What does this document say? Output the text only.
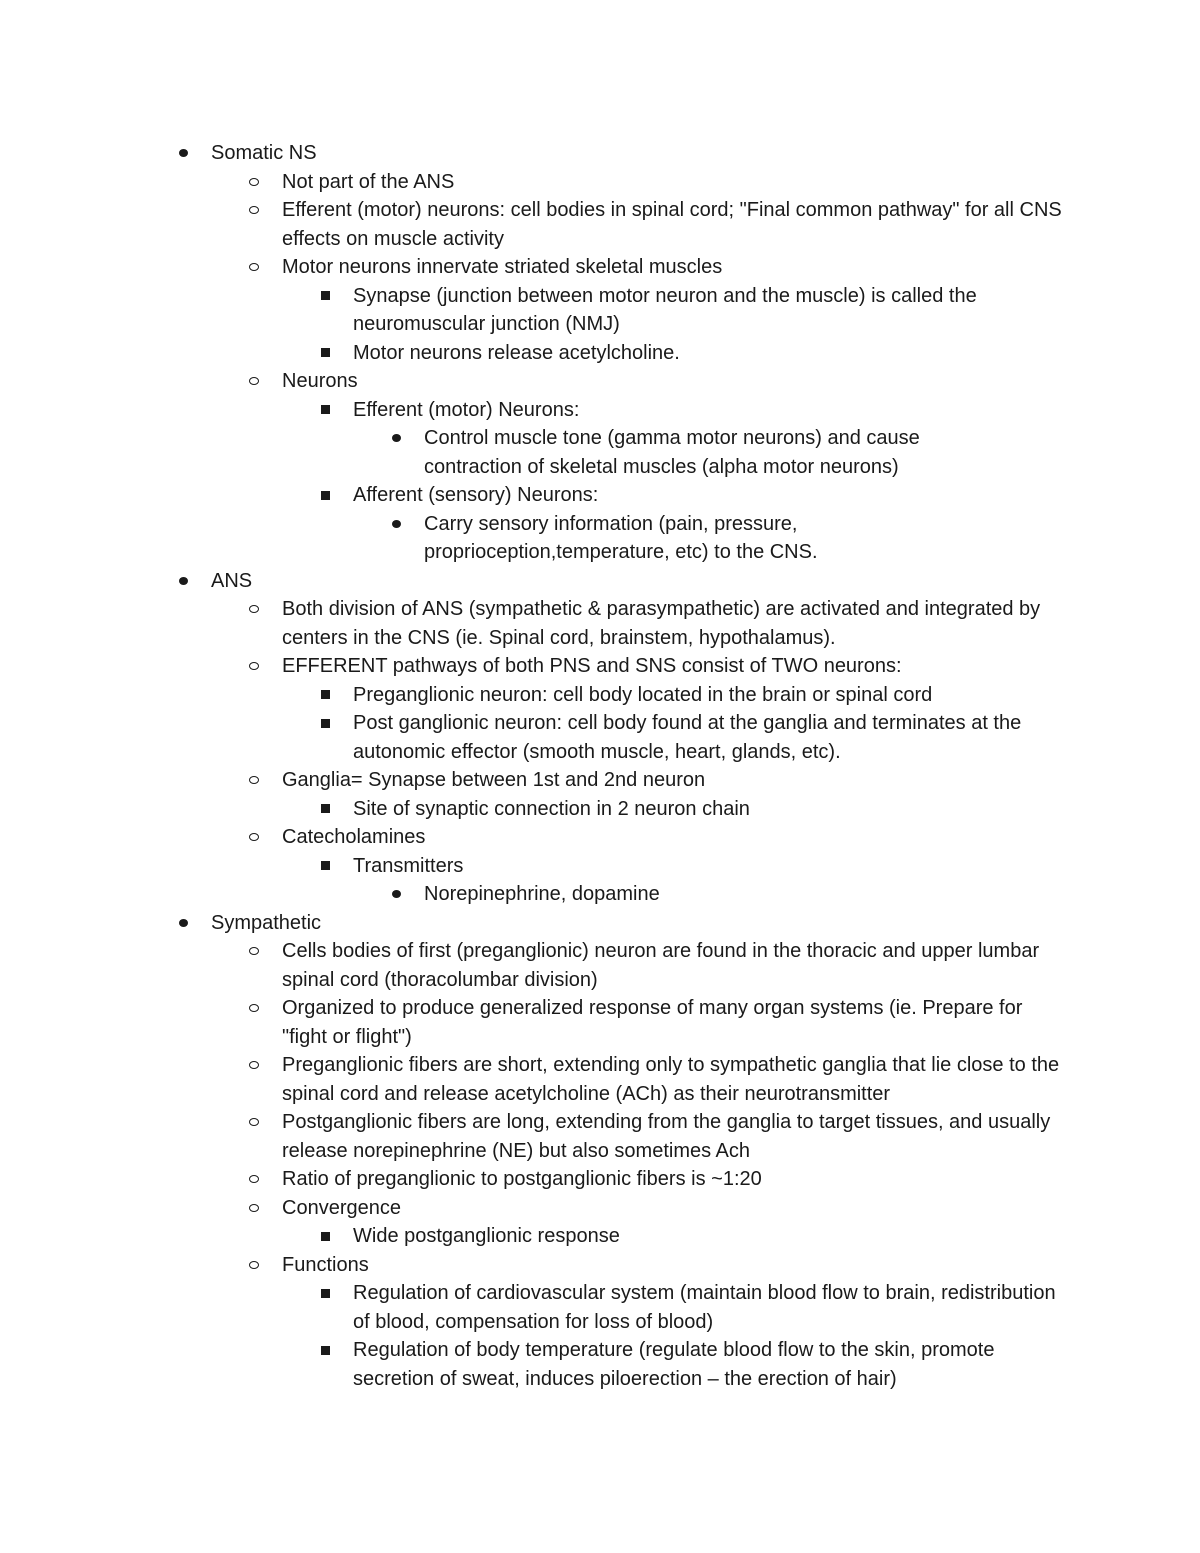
Somatic NS
Not part of the ANS
Efferent (motor) neurons: cell bodies in spinal cord; "Final common pathway" for all CNS effects on muscle activity
Motor neurons innervate striated skeletal muscles
Synapse (junction between motor neuron and the muscle) is called the neuromuscular junction (NMJ)
Motor neurons release acetylcholine.
Neurons
Efferent (motor) Neurons:
Control muscle tone (gamma motor neurons) and cause contraction of skeletal muscles (alpha motor neurons)
Afferent (sensory) Neurons:
Carry sensory information (pain, pressure, proprioception,temperature, etc) to the CNS.
ANS
Both division of ANS (sympathetic & parasympathetic) are activated and integrated by centers in the CNS (ie. Spinal cord, brainstem, hypothalamus).
EFFERENT pathways of both PNS and SNS consist of TWO neurons:
Preganglionic neuron: cell body located in the brain or spinal cord
Post ganglionic neuron: cell body found at the ganglia and terminates at the autonomic effector (smooth muscle, heart, glands, etc).
Ganglia= Synapse between 1st and 2nd neuron
Site of synaptic connection in 2 neuron chain
Catecholamines
Transmitters
Norepinephrine, dopamine
Sympathetic
Cells bodies of first (preganglionic) neuron are found in the thoracic and upper lumbar spinal cord (thoracolumbar division)
Organized to produce generalized response of many organ systems (ie. Prepare for "fight or flight")
Preganglionic fibers are short, extending only to sympathetic ganglia that lie close to the spinal cord and release acetylcholine (ACh) as their neurotransmitter
Postganglionic fibers are long, extending from the ganglia to target tissues, and usually release norepinephrine (NE) but also sometimes Ach
Ratio of preganglionic to postganglionic fibers is ~1:20
Convergence
Wide postganglionic response
Functions
Regulation of cardiovascular system (maintain blood flow to brain, redistribution of blood, compensation for loss of blood)
Regulation of body temperature (regulate blood flow to the skin, promote secretion of sweat, induces piloerection – the erection of hair)
